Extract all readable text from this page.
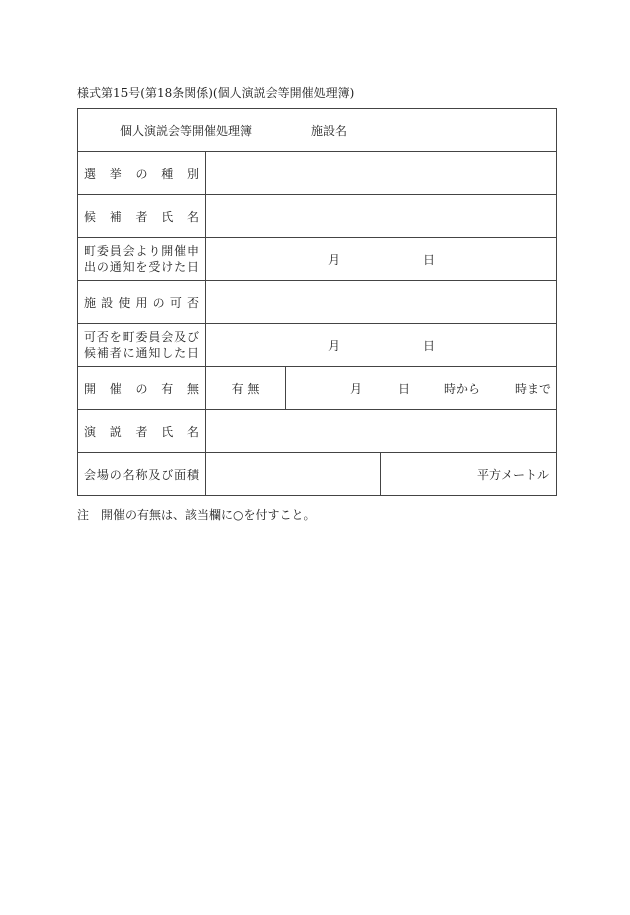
様式第15号(第18条関係)(個人演説会等開催処理簿)
個人演説会等開催処理簿 施設名			

選 挙 の 種 別			

候 補 者 氏 名			

町委員会より開催申
出の通知を受けた日	月 日		

施設使用の可否			

可否を町委員会及び
候補者に通知した日	月 日		

開 催 の 有 無	有 無	月 日 時から 時まで	

演 説 者 氏 名			

会場の名称及び面積			平方メートル
注　開催の有無は、該当欄に○を付すこと。
